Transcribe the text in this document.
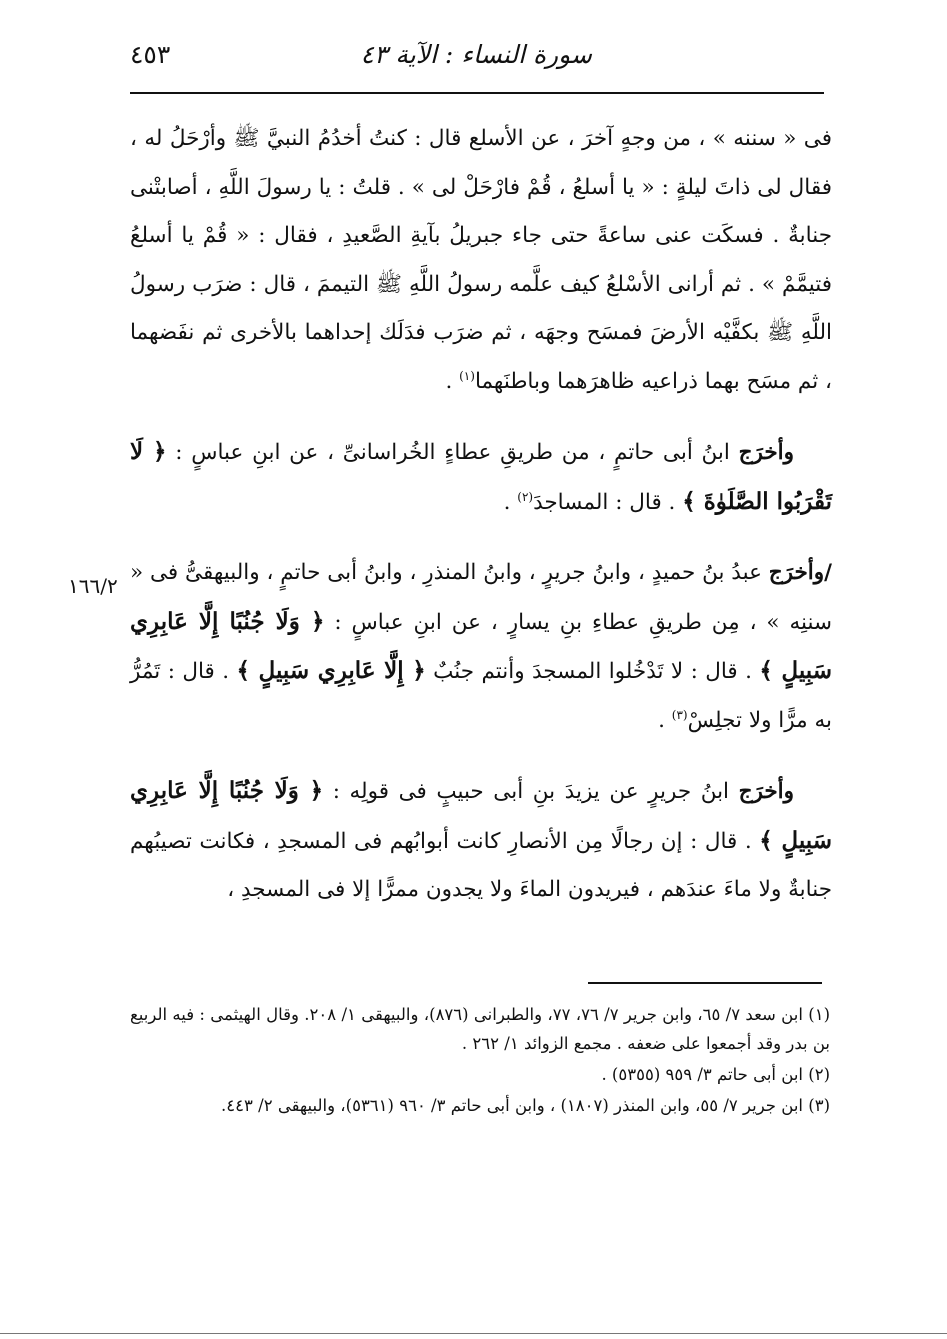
سورة النساء : الآية ٤٣
٤٥٣
١٦٦/٢

فى « سننه » ، من وجهٍ آخرَ ، عن الأسلع قال : كنتُ أخدُمُ النبيَّ ﷺ وأرْحَلُ له ، فقال لى ذاتَ ليلةٍ : « يا أسلعُ ، قُمْ فارْحَلْ لى » . قلتُ : يا رسولَ اللَّهِ ، أصابتْنى جنابةٌ . فسكَت عنى ساعةً حتى جاء جبريلُ بآيةِ الصَّعيدِ ، فقال : « قُمْ يا أسلعُ فتيمَّمْ » . ثم أرانى الأسْلعُ كيف علَّمه رسولُ اللَّهِ ﷺ التيممَ ، قال : ضرَب رسولُ اللَّهِ ﷺ بكفَّيْه الأرضَ فمسَح وجهَه ، ثم ضرَب فدَلَك إحداهما بالأخرى ثم نفَضهما ، ثم مسَح بهما ذراعيه ظاهرَهما وباطنَهما$^{(١)}$ .

وأخرَج ابنُ أبى حاتمٍ ، من طريقِ عطاءٍ الخُراسانىِّ ، عن ابنِ عباسٍ : ﴿ لَا تَقْرَبُوا الصَّلَوٰةَ ﴾ . قال : المساجدَ$^{(٢)}$ .

/وأخرَج عبدُ بنُ حميدٍ ، وابنُ جريرٍ ، وابنُ المنذرِ ، وابنُ أبى حاتمٍ ، والبيهقىُّ فى « سننِه » ، مِن طريقِ عطاءِ بنِ يسارٍ ، عن ابنِ عباسٍ : ﴿ وَلَا جُنُبًا إِلَّا عَابِرِي سَبِيلٍ ﴾ . قال : لا تَدْخُلوا المسجدَ وأنتم جنُبٌ ﴿ إِلَّا عَابِرِي سَبِيلٍ ﴾ . قال : تَمُرُّ به مرًّا ولا تجلِسْ$^{(٣)}$ .

وأخرَج ابنُ جريرٍ عن يزيدَ بنِ أبى حبيبٍ فى قولِه : ﴿ وَلَا جُنُبًا إِلَّا عَابِرِي سَبِيلٍ ﴾ . قال : إن رجالًا مِن الأنصارِ كانت أبوابُهم فى المسجدِ ، فكانت تصيبُهم جنابةٌ ولا ماءَ عندَهم ، فيريدون الماءَ ولا يجدون ممرًّا إلا فى المسجدِ ،

(١) ابن سعد ٧/ ٦٥، وابن جرير ٧/ ٧٦، ٧٧، والطبرانى (٨٧٦)، والبيهقى ١/ ٢٠٨. وقال الهيثمى : فيه الربيع بن بدر وقد أجمعوا على ضعفه . مجمع الزوائد ١/ ٢٦٢ .

(٢) ابن أبى حاتم ٣/ ٩٥٩ (٥٣٥٥) .

(٣) ابن جرير ٧/ ٥٥، وابن المنذر (١٨٠٧) ، وابن أبى حاتم ٣/ ٩٦٠ (٥٣٦١)، والبيهقى ٢/ ٤٤٣.
